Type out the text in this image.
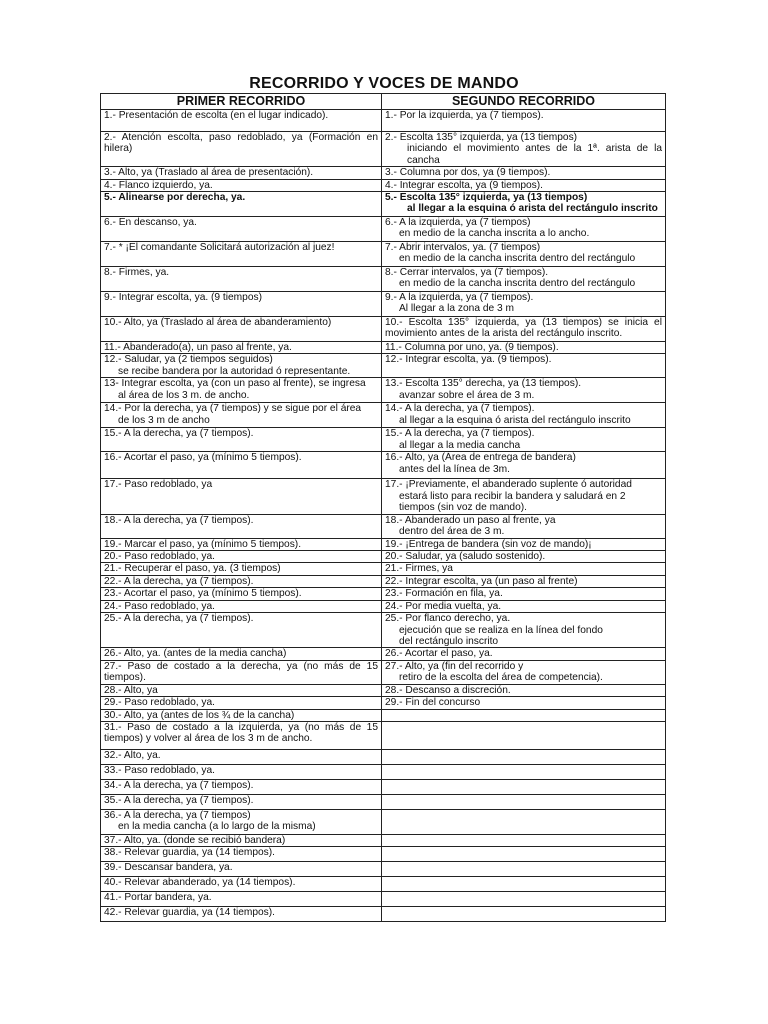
RECORRIDO Y VOCES DE MANDO
PRIMER RECORRIDO	SEGUNDO RECORRIDO

1.- Presentación de escolta (en el lugar indicado).	1.- Por la izquierda, ya (7 tiempos).

2.- Atención escolta, paso redoblado, ya (Formación en hilera)	2.- Escolta 135° izquierda, ya (13 tiempos)
iniciando el movimiento antes de la 1ª. arista de la cancha

3.- Alto, ya (Traslado al área de presentación).	3.- Columna por dos, ya (9 tiempos).

4.- Flanco izquierdo, ya.	4.- Integrar escolta, ya (9 tiempos).

5.- Alinearse por derecha, ya.	5.- Escolta 135° izquierda, ya (13 tiempos)
al llegar a la esquina ó arista del rectángulo inscrito

6.- En descanso, ya.	6.- A la izquierda, ya (7 tiempos)
en medio de la cancha inscrita a lo ancho.

7.- * ¡El comandante Solicitará autorización al juez!	7.- Abrir intervalos, ya. (7 tiempos)
en medio de la cancha inscrita dentro del rectángulo

8.- Firmes, ya.	8.- Cerrar intervalos, ya (7 tiempos).
en medio de la cancha inscrita dentro del rectángulo

9.- Integrar escolta, ya. (9 tiempos)	9.- A la izquierda, ya (7 tiempos).
Al llegar a la zona de 3 m

10.- Alto, ya (Traslado al área de abanderamiento)	10.- Escolta 135° izquierda, ya (13 tiempos) se inicia el movimiento antes de la arista del rectángulo inscrito.

11.- Abanderado(a), un paso al frente, ya.	11.- Columna por uno, ya. (9 tiempos).

12.- Saludar, ya (2 tiempos seguidos)
se recibe bandera por la autoridad ó representante.	12.- Integrar escolta, ya. (9 tiempos).

13- Integrar escolta, ya (con un paso al frente), se ingresa
al área de los 3 m. de ancho.	13.- Escolta 135° derecha, ya (13 tiempos).
avanzar sobre el área de 3 m.

14.- Por la derecha, ya (7 tiempos) y se sigue por el área
de los 3 m de ancho	14.- A la derecha, ya (7 tiempos).
al llegar a la esquina ó arista del rectángulo inscrito

15.- A la derecha, ya (7 tiempos).	15.- A la derecha, ya (7 tiempos).
al llegar a la media cancha

16.- Acortar el paso, ya (mínimo 5 tiempos).	16.- Alto, ya (Área de entrega de bandera)
antes del la línea de 3m.

17.- Paso redoblado, ya	17.- ¡Previamente, el abanderado suplente ó autoridad
estará listo para recibir la bandera y saludará en 2
tiempos (sin voz de mando).

18.- A la derecha, ya (7 tiempos).	18.- Abanderado un paso al frente, ya
dentro del área de 3 m.

19.- Marcar el paso, ya (mínimo 5 tiempos).	19.- ¡Entrega de bandera (sin voz de mando)¡

20.- Paso redoblado, ya.	20.- Saludar, ya (saludo sostenido).

21.- Recuperar el paso, ya. (3 tiempos)	21.- Firmes, ya

22.- A la derecha, ya (7 tiempos).	22.- Integrar escolta, ya (un paso al frente)

23.- Acortar el paso, ya (mínimo 5 tiempos).	23.- Formación en fila, ya.

24.- Paso redoblado, ya.	24.- Por media vuelta, ya.

25.- A la derecha, ya (7 tiempos).	25.- Por flanco derecho, ya.
ejecución que se realiza en la línea del fondo
del rectángulo inscrito

26.- Alto, ya. (antes de la media cancha)	26.- Acortar el paso, ya.

27.- Paso de costado a la derecha, ya (no más de 15 tiempos).	27.- Alto, ya (fin del recorrido y
retiro de la escolta del área de competencia).

28.- Alto, ya	28.- Descanso a discreción.

29.- Paso redoblado, ya.	29.- Fin del concurso

30.- Alto, ya (antes de los ¾ de la cancha)	

31.- Paso de costado a la izquierda, ya (no más de 15 tiempos) y volver al área de los 3 m de ancho.	

32.- Alto, ya.	

33.- Paso redoblado, ya.	

34.- A la derecha, ya (7 tiempos).	

35.- A la derecha, ya (7 tiempos).	

36.- A la derecha, ya (7 tiempos)
en la media cancha (a lo largo de la misma)	

37.- Alto, ya. (donde se recibió bandera)	

38.- Relevar guardia, ya (14 tiempos).	

39.- Descansar bandera, ya.	

40.- Relevar abanderado, ya (14 tiempos).	

41.- Portar bandera, ya.	

42.- Relevar guardia, ya (14 tiempos).	
